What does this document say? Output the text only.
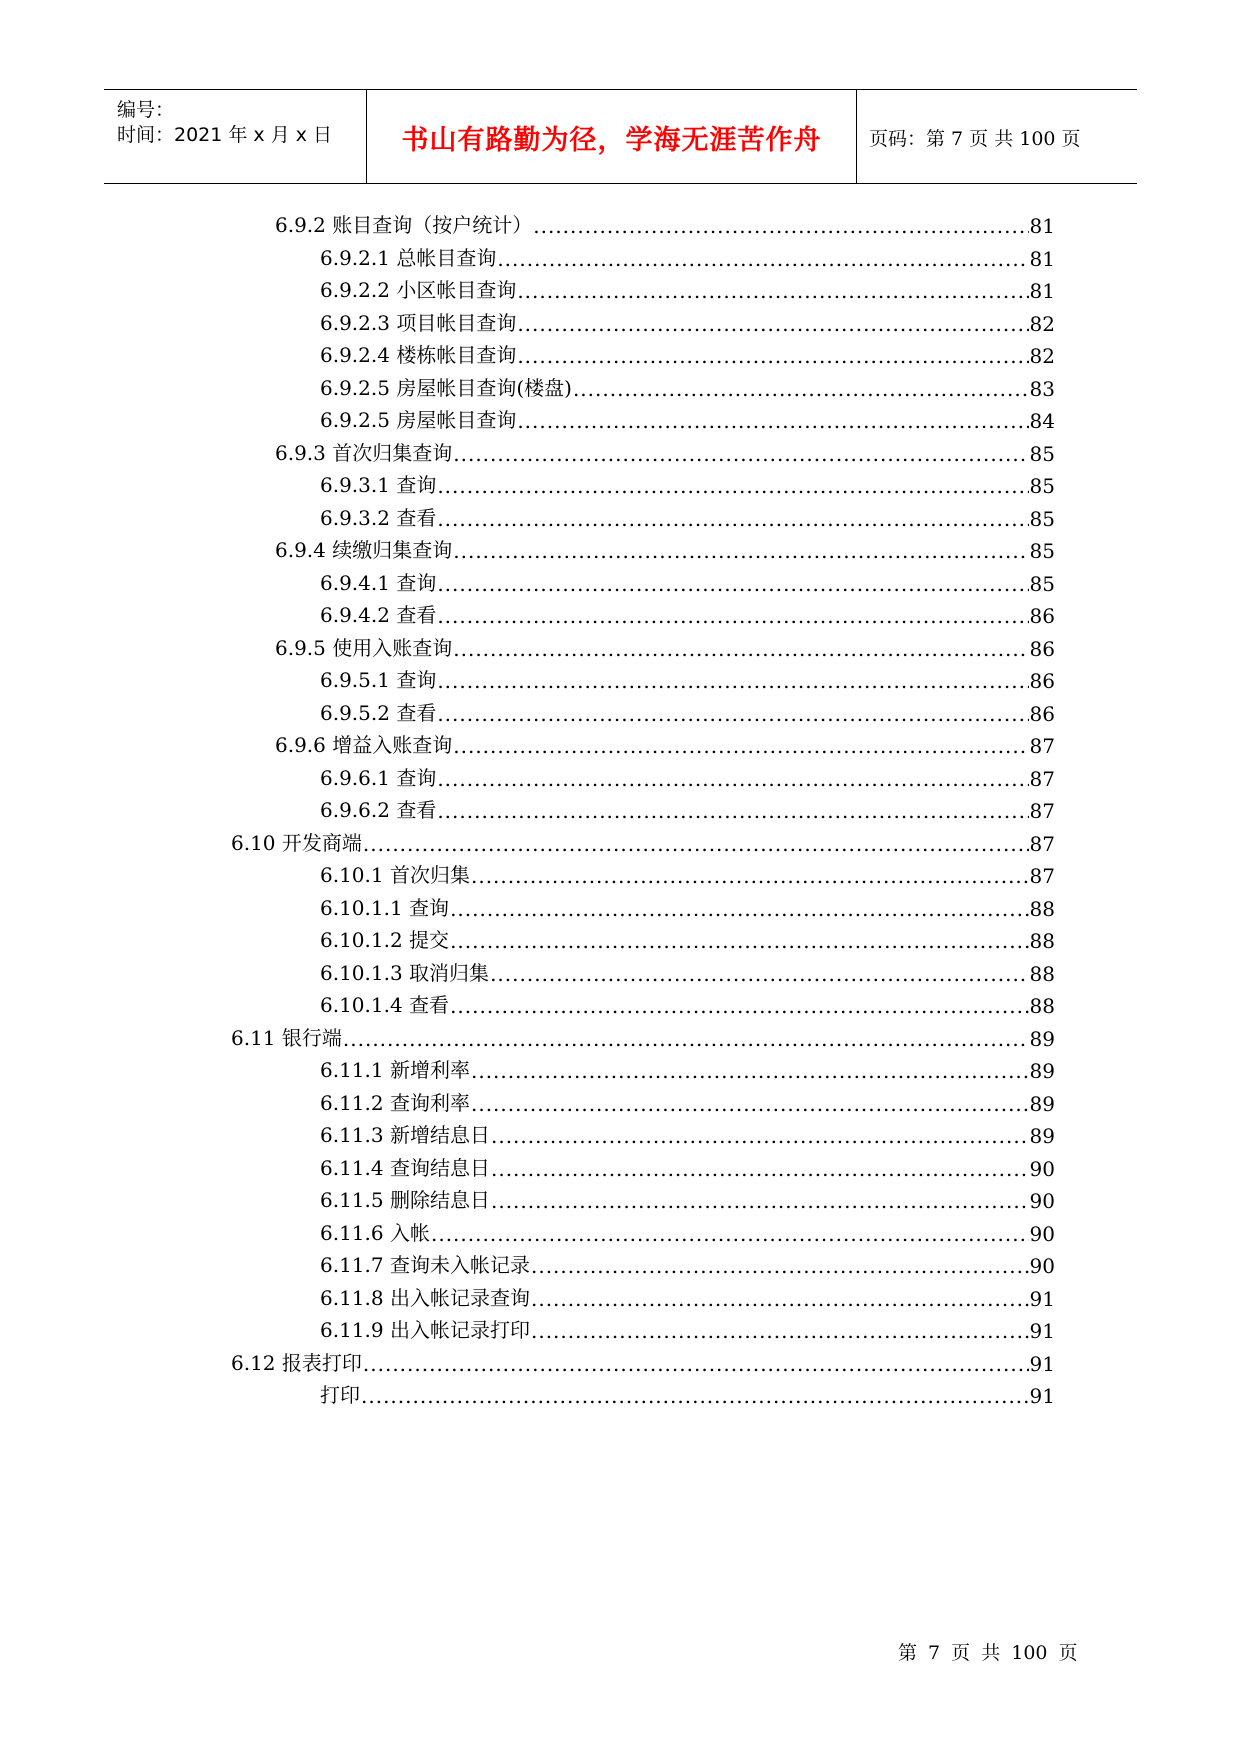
编号：
时间：2021 年 x 月 x 日	书山有路勤为径，学海无涯苦作舟	页码：第 7 页 共 100 页
6.9.2 账目查询（按户统计） .....	81
6.9.2.1 总帐目查询 .....	81
6.9.2.2 小区帐目查询 .....	81
6.9.2.3 项目帐目查询 .....	82
6.9.2.4 楼栋帐目查询 .....	82
6.9.2.5 房屋帐目查询(楼盘) .....	83
6.9.2.5 房屋帐目查询 .....	84
6.9.3 首次归集查询 .....	85
6.9.3.1 查询 .....	85
6.9.3.2 查看 .....	85
6.9.4 续缴归集查询 .....	85
6.9.4.1 查询 .....	85
6.9.4.2 查看 .....	86
6.9.5 使用入账查询 .....	86
6.9.5.1 查询 .....	86
6.9.5.2 查看 .....	86
6.9.6 增益入账查询 .....	87
6.9.6.1 查询 .....	87
6.9.6.2 查看 .....	87
6.10 开发商端 .....	87
6.10.1 首次归集 .....	87
6.10.1.1 查询 .....	88
6.10.1.2 提交 .....	88
6.10.1.3 取消归集 .....	88
6.10.1.4 查看 .....	88
6.11 银行端 .....	89
6.11.1 新增利率 .....	89
6.11.2 查询利率 .....	89
6.11.3 新增结息日 .....	89
6.11.4 查询结息日 .....	90
6.11.5 删除结息日 .....	90
6.11.6 入帐 .....	90
6.11.7 查询未入帐记录 .....	90
6.11.8 出入帐记录查询 .....	91
6.11.9 出入帐记录打印 .....	91
6.12 报表打印 .....	91
打印 .....	91
第 7 页 共 100 页
